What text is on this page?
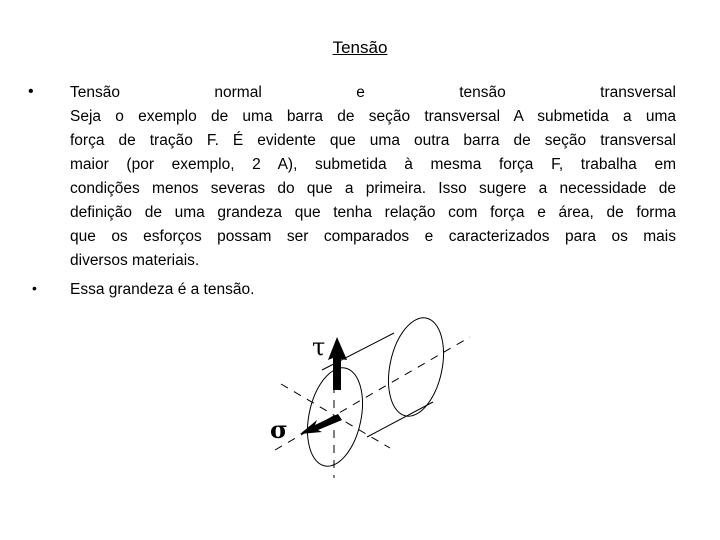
Tensão
• Tensão normal e tensão transversal
Seja o exemplo de uma barra de seção transversal A submetida a uma
força de tração F. É evidente que uma outra barra de seção transversal
maior (por exemplo, 2 A), submetida à mesma força F, trabalha em
condições menos severas do que a primeira. Isso sugere a necessidade de
definição de uma grandeza que tenha relação com força e área, de forma
que os esforços possam ser comparados e caracterizados para os mais
diversos materiais.
• Essa grandeza é a tensão.
τ
σ
